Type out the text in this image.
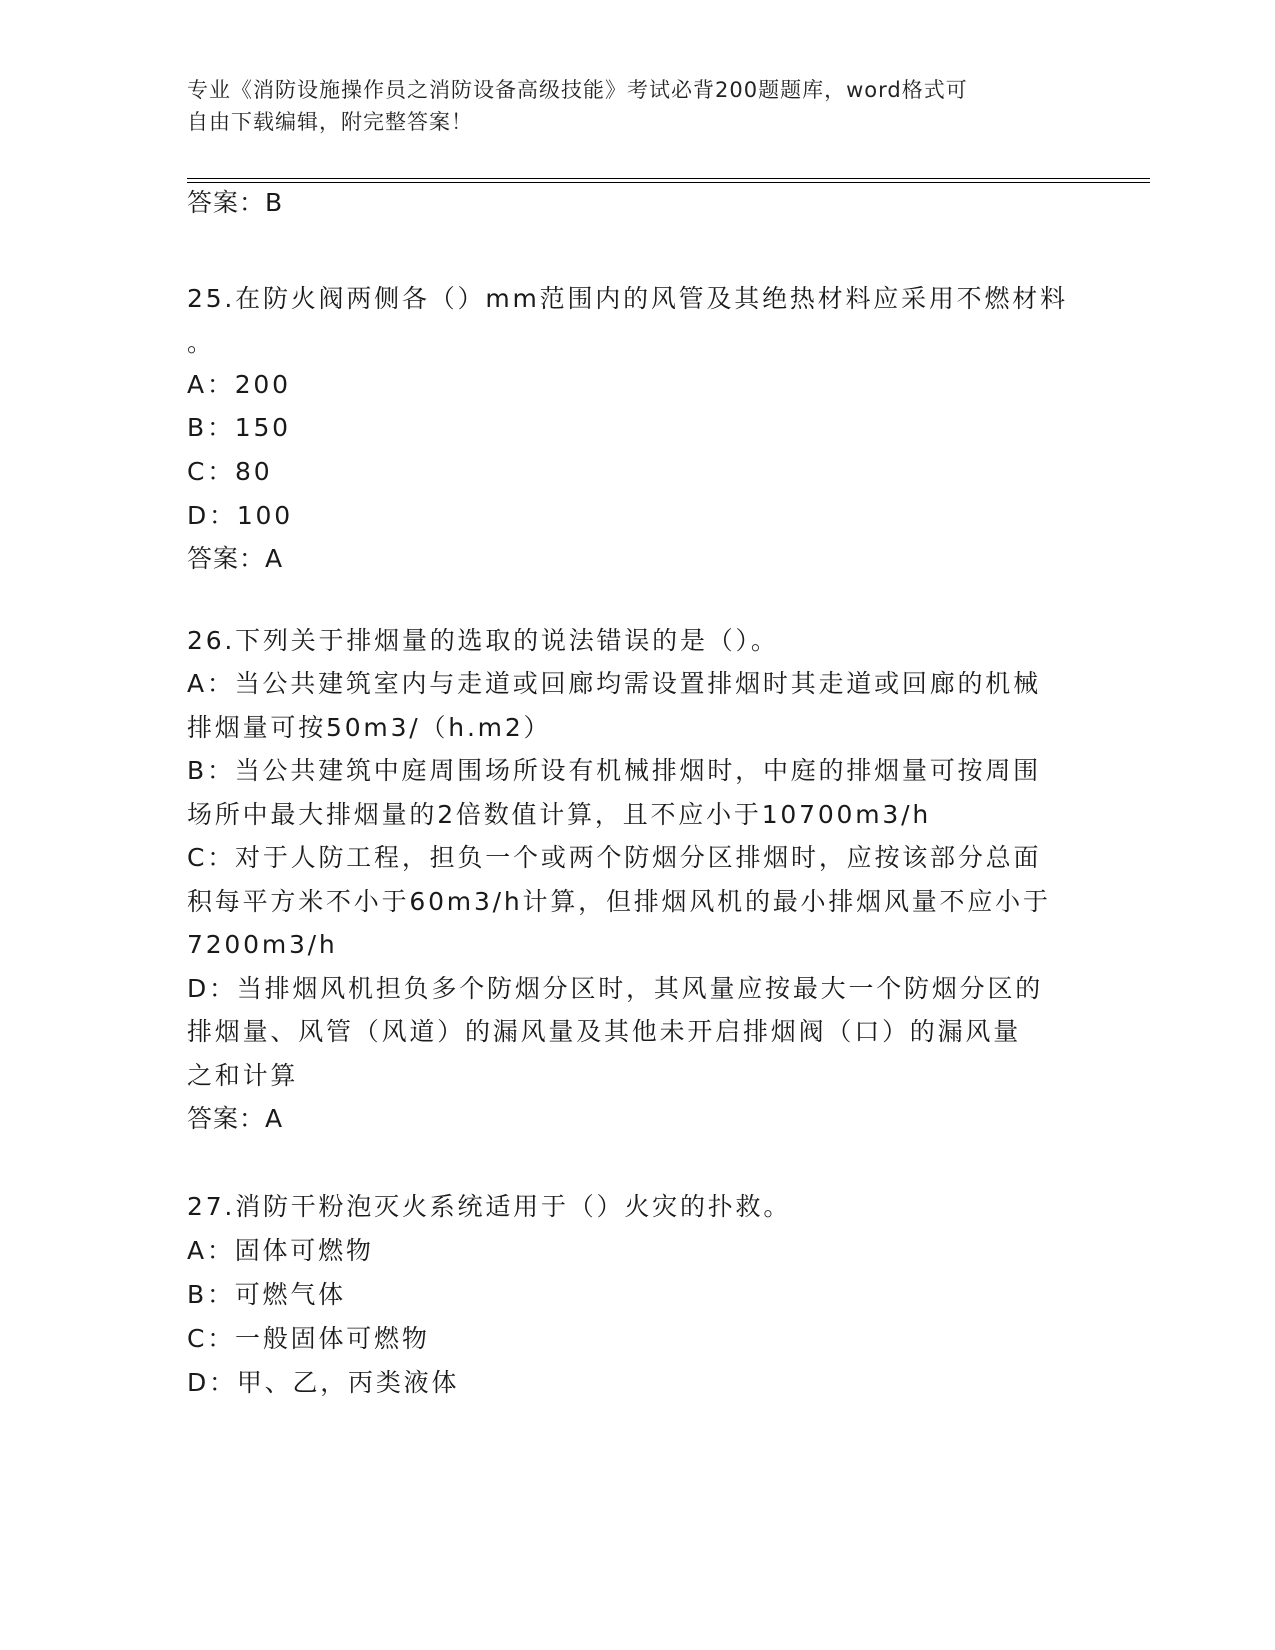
专业《消防设施操作员之消防设备高级技能》考试必背200题题库，word格式可
自由下载编辑，附完整答案！
答案：B
25.在防火阀两侧各（）mm范围内的风管及其绝热材料应采用不燃材料
。
A：200
B：150
C：80
D：100
答案：A
26.下列关于排烟量的选取的说法错误的是（）。
A：当公共建筑室内与走道或回廊均需设置排烟时其走道或回廊的机械
排烟量可按50m3/（h.m2）
B：当公共建筑中庭周围场所设有机械排烟时，中庭的排烟量可按周围
场所中最大排烟量的2倍数值计算，且不应小于10700m3/h
C：对于人防工程，担负一个或两个防烟分区排烟时，应按该部分总面
积每平方米不小于60m3/h计算，但排烟风机的最小排烟风量不应小于
7200m3/h
D：当排烟风机担负多个防烟分区时，其风量应按最大一个防烟分区的
排烟量、风管（风道）的漏风量及其他未开启排烟阀（口）的漏风量
之和计算
答案：A
27.消防干粉泡灭火系统适用于（）火灾的扑救。
A：固体可燃物
B：可燃气体
C：一般固体可燃物
D：甲、乙，丙类液体
